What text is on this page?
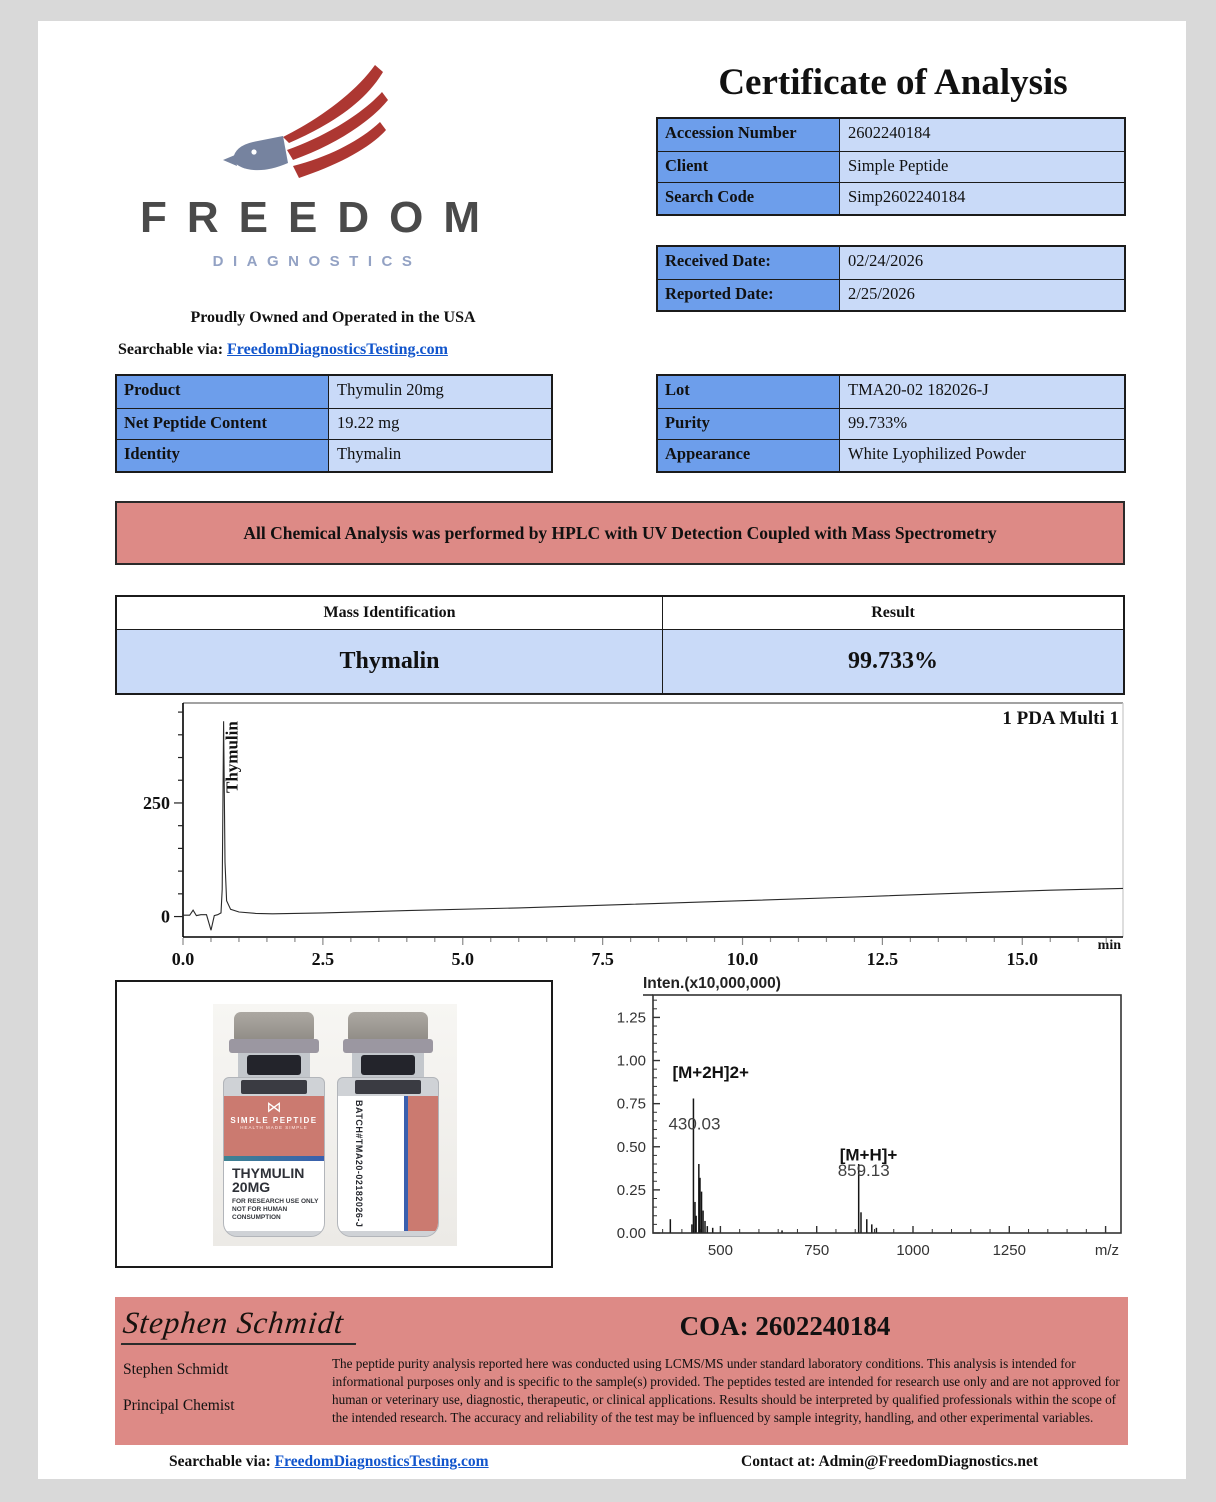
FREEDOM
DIAGNOSTICS
Proudly Owned and Operated in the USA
Searchable via: FreedomDiagnosticsTesting.com
Certificate of Analysis
Accession Number	2602240184
Client	Simple Peptide
Search Code	Simp2602240184
Received Date:	02/24/2026
Reported Date:	2/25/2026
Product	Thymulin 20mg
Net Peptide Content	19.22 mg
Identity	Thymalin
Lot	TMA20-02 182026-J
Purity	99.733%
Appearance	White Lyophilized Powder
All Chemical Analysis was performed by HPLC with UV Detection Coupled with Mass Spectrometry
Mass Identification	Result
Thymalin	99.733%
0.0	2.5	5.0	7.5	10.0	12.5	15.0
0
250
min
1 PDA Multi 1
Thymulin
⋈
SIMPLE PEPTIDE
HEALTH MADE SIMPLE
THYMULIN
20MG
FOR RESEARCH USE ONLY
NOT FOR HUMAN CONSUMPTION	BATCH#TMA20-02182026-J
Inten.(x10,000,000)
500	750	1000	1250	m/z
0.00
0.25
0.50
0.75
1.00
1.25
[M+2H]2+
430.03
[M+H]+
859.13
Stephen Schmidt	COA: 2602240184
Stephen Schmidt
Principal Chemist
The peptide purity analysis reported here was conducted using LCMS/MS under standard laboratory conditions. This analysis is intended for informational purposes only and is specific to the sample(s) provided. The peptides tested are intended for research use only and are not approved for human or veterinary use, diagnostic, therapeutic, or clinical applications. Results should be interpreted by qualified professionals within the scope of the intended research. The accuracy and reliability of the test may be influenced by sample integrity, handling, and other experimental variables.
Searchable via: FreedomDiagnosticsTesting.com	Contact at: Admin@FreedomDiagnostics.net
